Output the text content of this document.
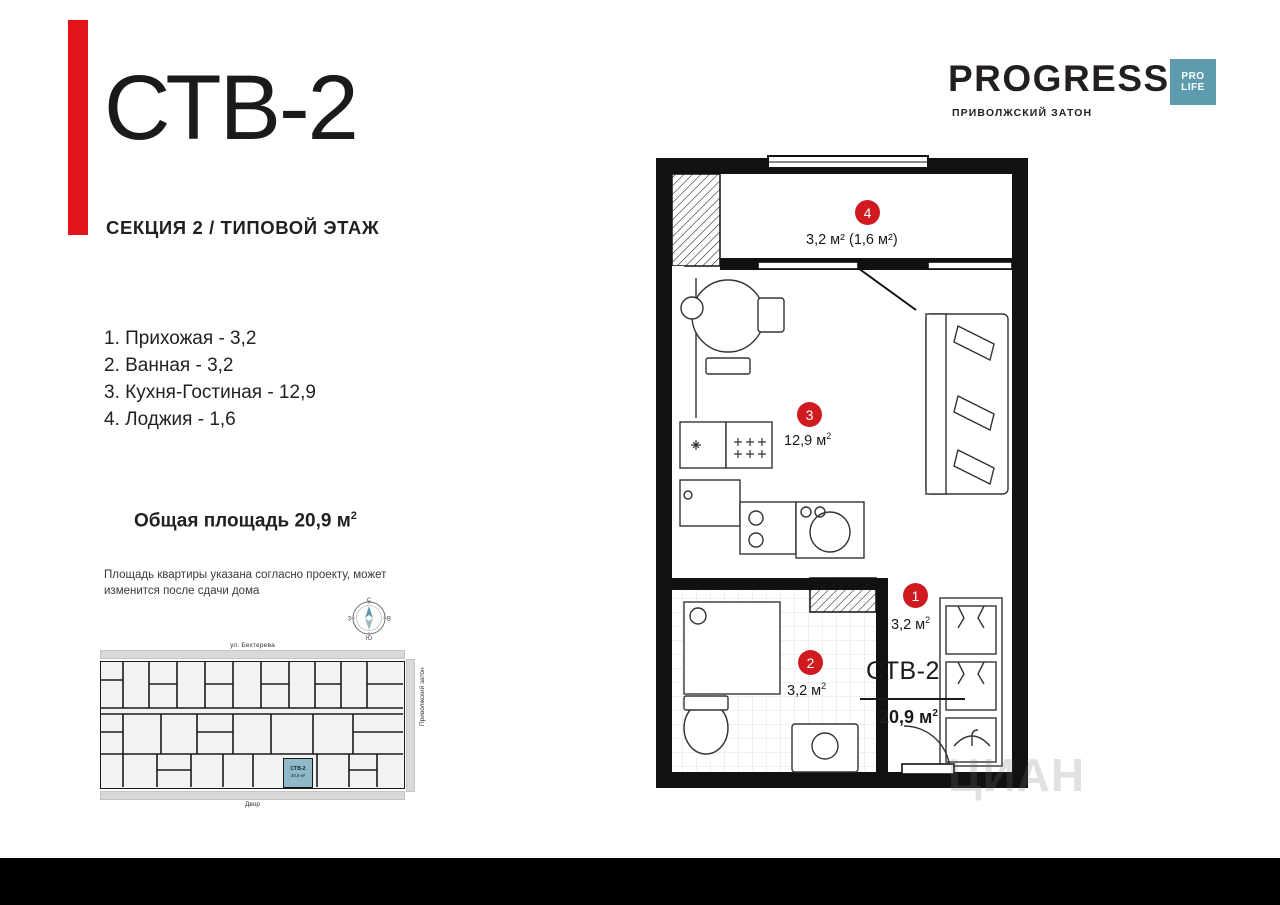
СТВ-2
СЕКЦИЯ 2 / ТИПОВОЙ ЭТАЖ
1. Прихожая - 3,2
2. Ванная - 3,2
3. Кухня-Гостиная - 12,9
4. Лоджия - 1,6
Общая площадь 20,9 $м^2$
Площадь квартиры указана согласно проекту, может изменится после сдачи дома
С
Ю
З	В
ул. Бехтерева
Приволжский затон
Двор
СТВ-2
20,9 м²
PROGRESS
ПРИВОЛЖСКИЙ ЗАТОН
PRO
LIFE
4
3,2 м² (1,6 м²)
3
12,9 $м^2$
1
3,2 $м^2$
2
3,2 $м^2$
СТВ-2
20,9 $м^2$
ЦИАН
